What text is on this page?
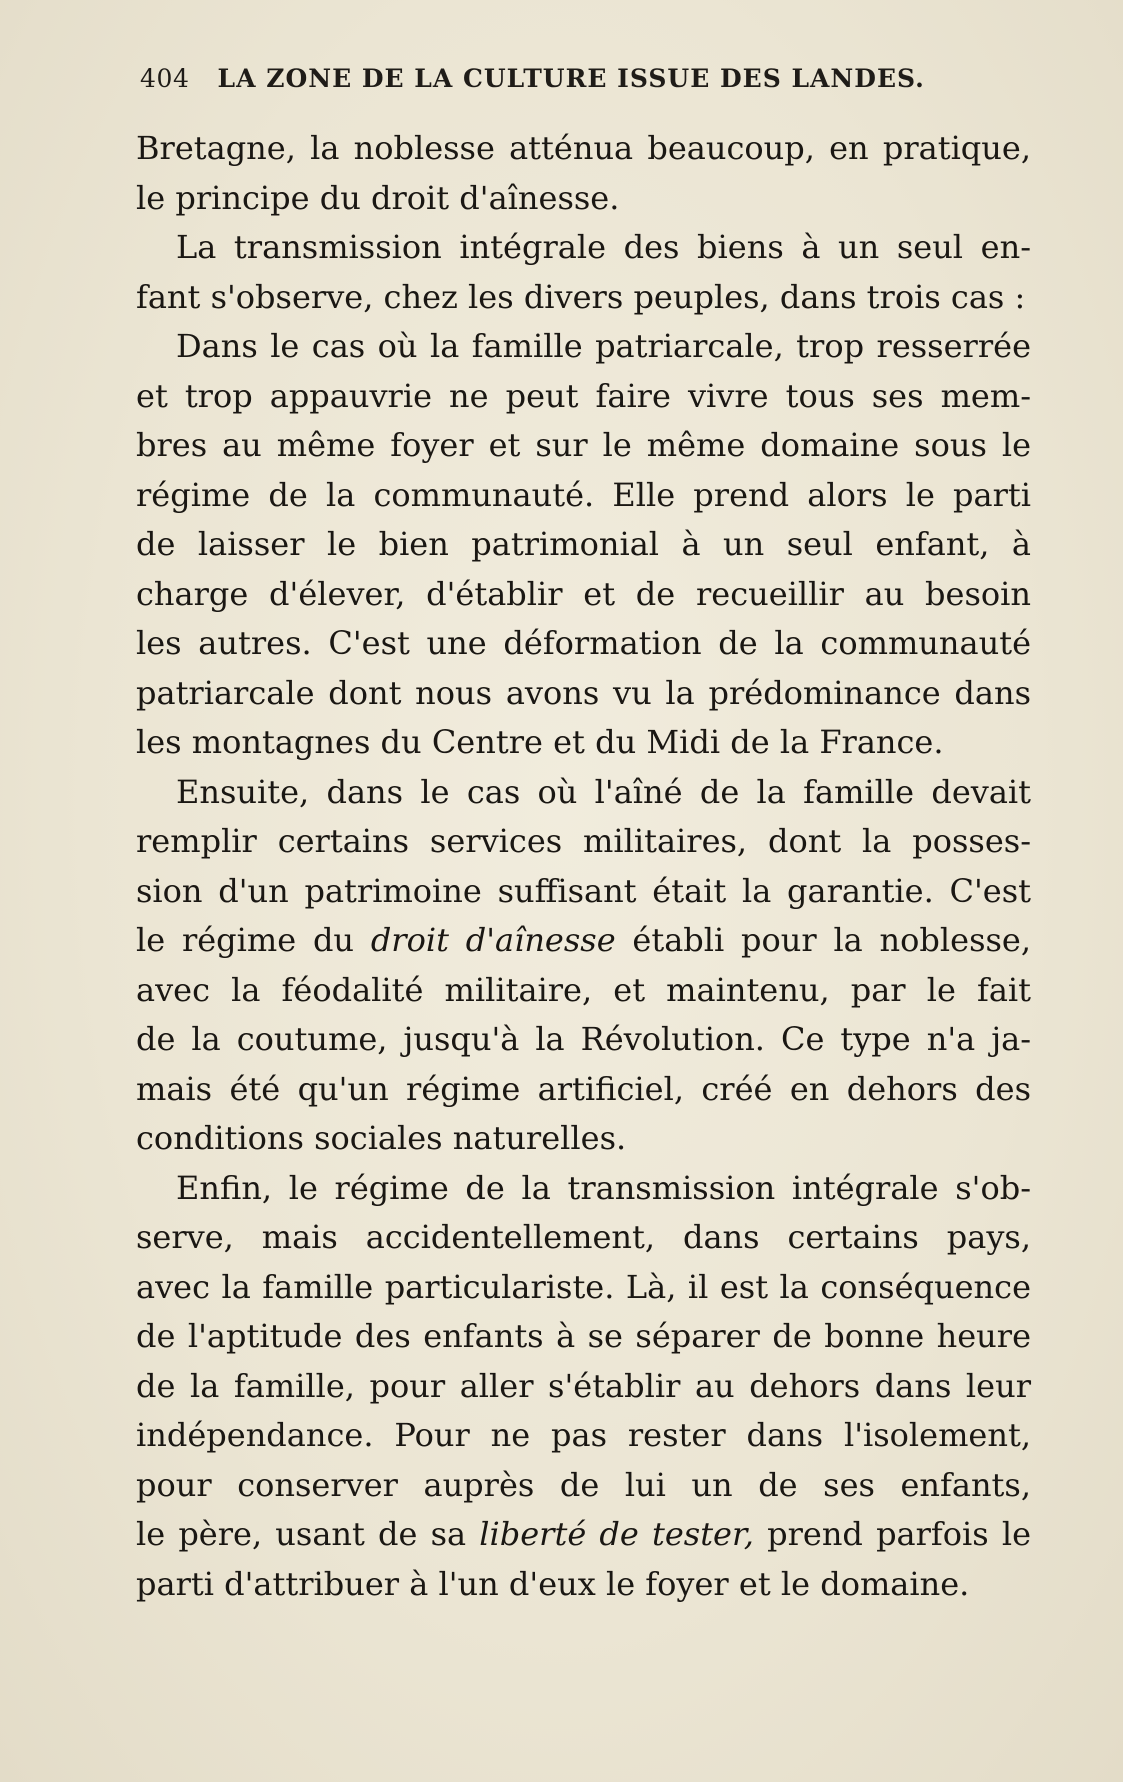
404 LA ZONE DE LA CULTURE ISSUE DES LANDES.
Bretagne, la noblesse atténua beaucoup, en pratique,
le principe du droit d'aînesse.
La transmission intégrale des biens à un seul en-
fant s'observe, chez les divers peuples, dans trois cas :
Dans le cas où la famille patriarcale, trop resserrée
et trop appauvrie ne peut faire vivre tous ses mem-
bres au même foyer et sur le même domaine sous le
régime de la communauté. Elle prend alors le parti
de laisser le bien patrimonial à un seul enfant, à
charge d'élever, d'établir et de recueillir au besoin
les autres. C'est une déformation de la communauté
patriarcale dont nous avons vu la prédominance dans
les montagnes du Centre et du Midi de la France.
Ensuite, dans le cas où l'aîné de la famille devait
remplir certains services militaires, dont la posses-
sion d'un patrimoine suffisant était la garantie. C'est
le régime du droit d'aînesse établi pour la noblesse,
avec la féodalité militaire, et maintenu, par le fait
de la coutume, jusqu'à la Révolution. Ce type n'a ja-
mais été qu'un régime artificiel, créé en dehors des
conditions sociales naturelles.
Enfin, le régime de la transmission intégrale s'ob-
serve, mais accidentellement, dans certains pays,
avec la famille particulariste. Là, il est la conséquence
de l'aptitude des enfants à se séparer de bonne heure
de la famille, pour aller s'établir au dehors dans leur
indépendance. Pour ne pas rester dans l'isolement,
pour conserver auprès de lui un de ses enfants,
le père, usant de sa liberté de tester, prend parfois le
parti d'attribuer à l'un d'eux le foyer et le domaine.
